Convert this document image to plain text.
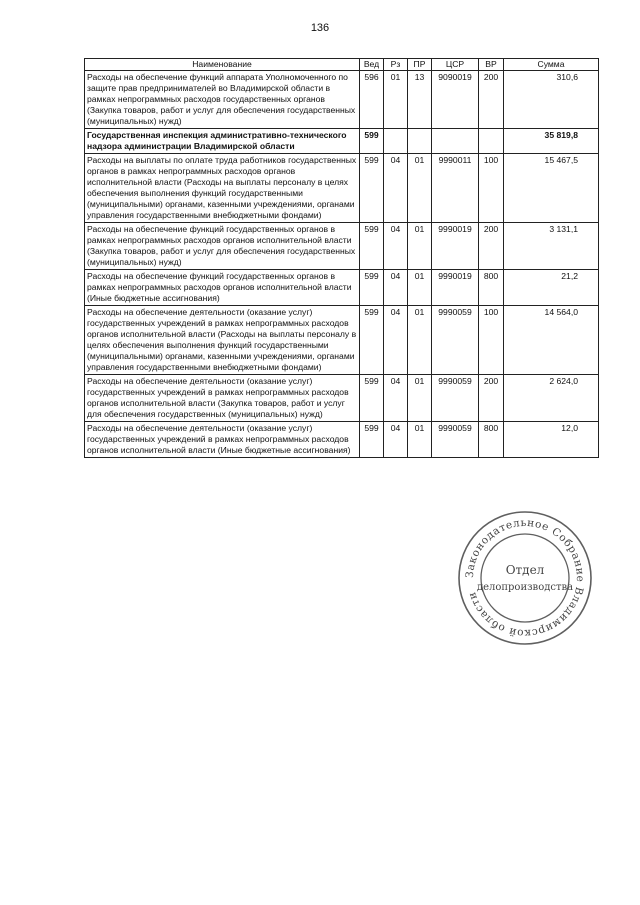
136
Наименование	Вед	Рз	ПР	ЦСР	ВР	Сумма
Расходы на обеспечение функций аппарата Уполномоченного по защите прав предпринимателей во Владимирской области в рамках непрограммных расходов государственных органов (Закупка товаров, работ и услуг для обеспечения государственных (муниципальных) нужд)	596	01	13	9090019	200	310,6
Государственная инспекция административно-технического надзора администрации Владимирской области	599					35 819,8
Расходы на выплаты по оплате труда работников государственных органов в рамках непрограммных расходов органов исполнительной власти (Расходы на выплаты персоналу в целях обеспечения выполнения функций государственными (муниципальными) органами, казенными учреждениями, органами управления государственными внебюджетными фондами)	599	04	01	9990011	100	15 467,5
Расходы на обеспечение функций государственных органов в рамках непрограммных расходов органов исполнительной власти (Закупка товаров, работ и услуг для обеспечения государственных (муниципальных) нужд)	599	04	01	9990019	200	3 131,1
Расходы на обеспечение функций государственных органов в рамках непрограммных расходов органов исполнительной власти (Иные бюджетные ассигнования)	599	04	01	9990019	800	21,2
Расходы на обеспечение деятельности (оказание услуг) государственных учреждений в рамках непрограммных расходов органов исполнительной власти (Расходы на выплаты персоналу в целях обеспечения выполнения функций государственными (муниципальными) органами, казенными учреждениями, органами управления государственными внебюджетными фондами)	599	04	01	9990059	100	14 564,0
Расходы на обеспечение деятельности (оказание услуг) государственных учреждений в рамках непрограммных расходов органов исполнительной власти (Закупка товаров, работ и услуг для обеспечения государственных (муниципальных) нужд)	599	04	01	9990059	200	2 624,0
Расходы на обеспечение деятельности (оказание услуг) государственных учреждений в рамках непрограммных расходов органов исполнительной власти (Иные бюджетные ассигнования)	599	04	01	9990059	800	12,0
Законодательное Собрание Владимирской области
Отдел
делопроизводства
